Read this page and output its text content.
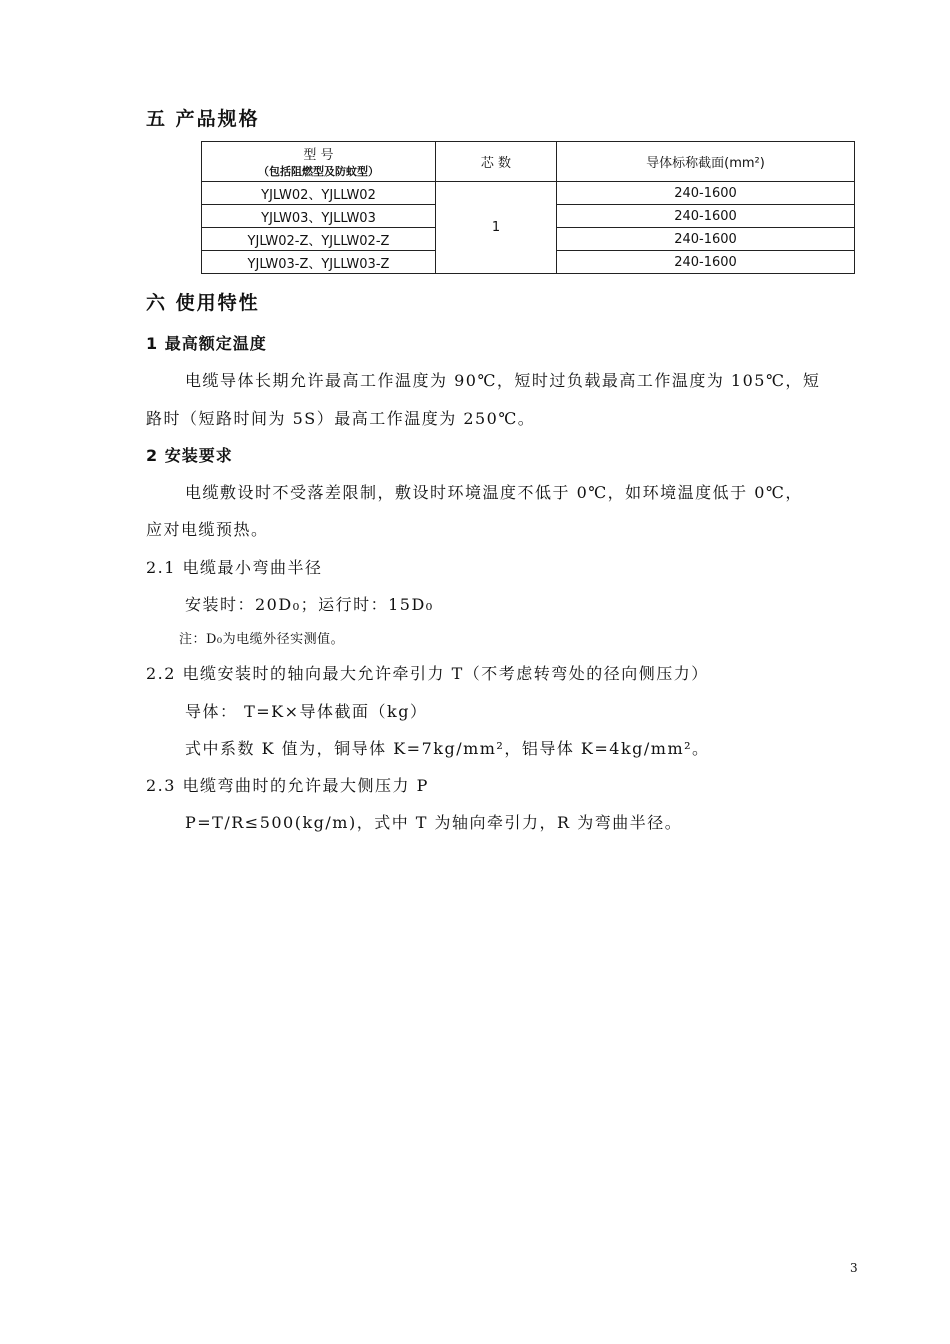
五 产品规格
型 号
（包括阻燃型及防蚊型）	芯 数	导体标称截面(mm²)
YJLW02、YJLLW02	1	240-1600
YJLW03、YJLLW03		240-1600
YJLW02-Z、YJLLW02-Z		240-1600
YJLW03-Z、YJLLW03-Z		240-1600
六 使用特性
1 最高额定温度
电缆导体长期允许最高工作温度为 90℃，短时过负载最高工作温度为 105℃，短
路时（短路时间为 5S）最高工作温度为 250℃。
2 安装要求
电缆敷设时不受落差限制，敷设时环境温度不低于 0℃，如环境温度低于 0℃，
应对电缆预热。
2.1 电缆最小弯曲半径
安装时：20D₀；运行时：15D₀
注：D₀为电缆外径实测值。
2.2 电缆安装时的轴向最大允许牵引力 T（不考虑转弯处的径向侧压力）
导体： T=K×导体截面（kg）
式中系数 K 值为，铜导体 K=7kg/mm²，铝导体 K=4kg/mm²。
2.3 电缆弯曲时的允许最大侧压力 P
P=T/R≤500(kg/m)，式中 T 为轴向牵引力，R 为弯曲半径。
3
